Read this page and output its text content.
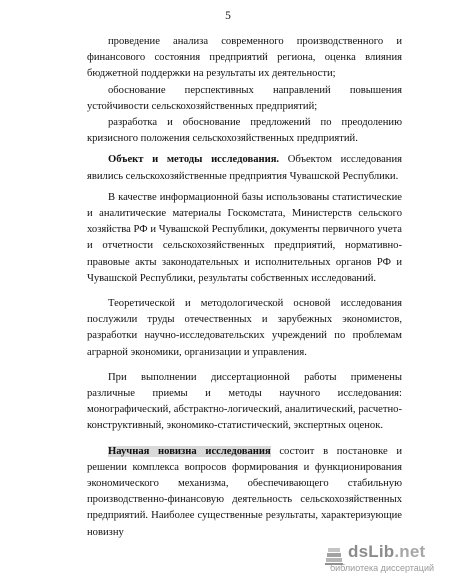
5

проведение анализа современного производственного и финансового состояния предприятий региона, оценка влияния бюджетной поддержки на результаты их деятельности;

обоснование перспективных направлений повышения устойчивости сельскохозяйственных предприятий;

разработка и обоснование предложений по преодолению кризисного положения сельскохозяйственных предприятий.

Объект и методы исследования. Объектом исследования явились сельскохозяйственные предприятия Чувашской Республики.

В качестве информационной базы использованы статистические и аналитические материалы Госкомстата, Министерств сельского хозяйства РФ и Чувашской Республики, документы первичного учета и отчетности сельскохозяйственных предприятий, нормативно-правовые акты законодательных и исполнительных органов РФ и Чувашской Республики, результаты собственных исследований.

Теоретической и методологической основой исследования послужили труды отечественных и зарубежных экономистов, разработки научно-исследовательских учреждений по проблемам аграрной экономики, организации и управления.

При выполнении диссертационной работы применены различные приемы и методы научного исследования: монографический, абстрактно-логический, аналитический, расчетно-конструктивный, экономико-статистический, экспертных оценок.

Научная новизна исследования состоит в постановке и решении комплекса вопросов формирования и функционирования экономического механизма, обеспечивающего стабильную производственно-финансовую деятельность сельскохозяйственных предприятий. Наиболее существенные результаты, характеризующие новизну

dsLib.net
библиотека диссертаций
